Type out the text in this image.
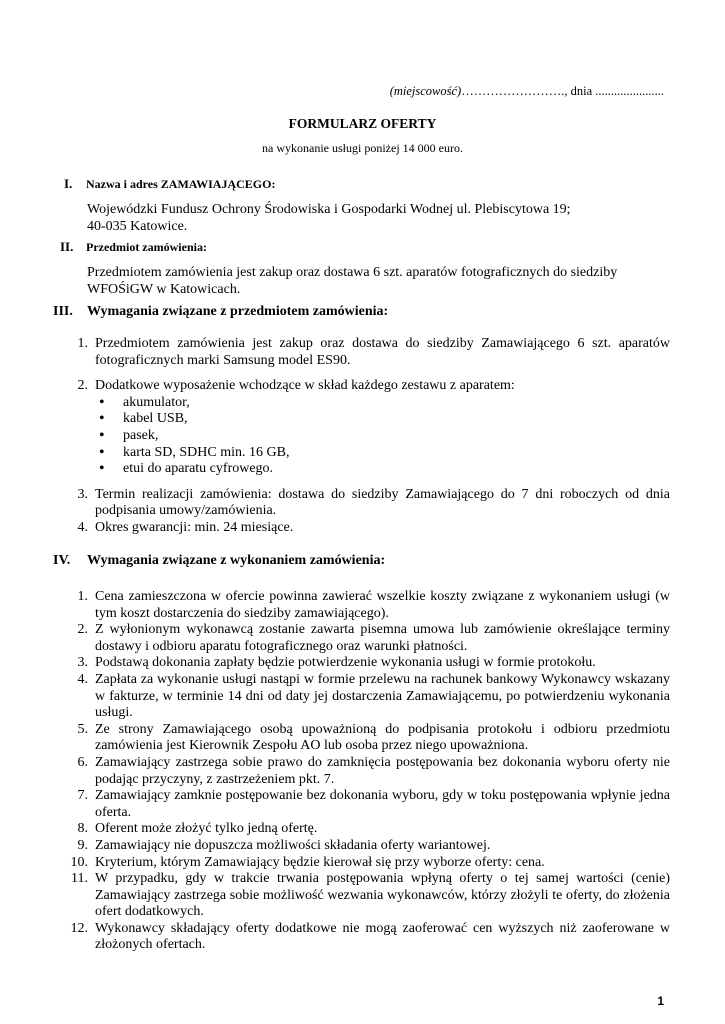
(miejscowość)……………………., dnia ......................
FORMULARZ OFERTY
na wykonanie usługi poniżej 14 000 euro.
I. Nazwa i adres ZAMAWIAJĄCEGO:
Wojewódzki Fundusz Ochrony Środowiska i Gospodarki Wodnej ul. Plebiscytowa 19;
40-035 Katowice.
II. Przedmiot zamówienia:
Przedmiotem zamówienia jest zakup oraz dostawa 6 szt. aparatów fotograficznych do siedziby
WFOŚiGW w Katowicach.
III. Wymagania związane z przedmiotem zamówienia:
1. Przedmiotem zamówienia jest zakup oraz dostawa do siedziby Zamawiającego 6 szt. aparatów fotograficznych marki Samsung model ES90.
2. Dodatkowe wyposażenie wchodzące w skład każdego zestawu z aparatem:
• akumulator,
• kabel USB,
• pasek,
• karta SD, SDHC min. 16 GB,
• etui do aparatu cyfrowego.
3. Termin realizacji zamówienia: dostawa do siedziby Zamawiającego do 7 dni roboczych od dnia podpisania umowy/zamówienia.
4. Okres gwarancji: min. 24 miesiące.
IV. Wymagania związane z wykonaniem zamówienia:
1. Cena zamieszczona w ofercie powinna zawierać wszelkie koszty związane z wykonaniem usługi (w tym koszt dostarczenia do siedziby zamawiającego).
2. Z wyłonionym wykonawcą zostanie zawarta pisemna umowa lub zamówienie określające terminy dostawy i odbioru aparatu fotograficznego oraz warunki płatności.
3. Podstawą dokonania zapłaty będzie potwierdzenie wykonania usługi w formie protokołu.
4. Zapłata za wykonanie usługi nastąpi w formie przelewu na rachunek bankowy Wykonawcy wskazany w fakturze, w terminie 14 dni od daty jej dostarczenia Zamawiającemu, po potwierdzeniu wykonania usługi.
5. Ze strony Zamawiającego osobą upoważnioną do podpisania protokołu i odbioru przedmiotu zamówienia jest Kierownik Zespołu AO lub osoba przez niego upoważniona.
6. Zamawiający zastrzega sobie prawo do zamknięcia postępowania bez dokonania wyboru oferty nie podając przyczyny, z zastrzeżeniem pkt. 7.
7. Zamawiający zamknie postępowanie bez dokonania wyboru, gdy w toku postępowania wpłynie jedna oferta.
8. Oferent może złożyć tylko jedną ofertę.
9. Zamawiający nie dopuszcza możliwości składania oferty wariantowej.
10. Kryterium, którym Zamawiający będzie kierował się przy wyborze oferty: cena.
11. W przypadku, gdy w trakcie trwania postępowania wpłyną oferty o tej samej wartości (cenie) Zamawiający zastrzega sobie możliwość wezwania wykonawców, którzy złożyli te oferty, do złożenia ofert dodatkowych.
12. Wykonawcy składający oferty dodatkowe nie mogą zaoferować cen wyższych niż zaoferowane w złożonych ofertach.
1
